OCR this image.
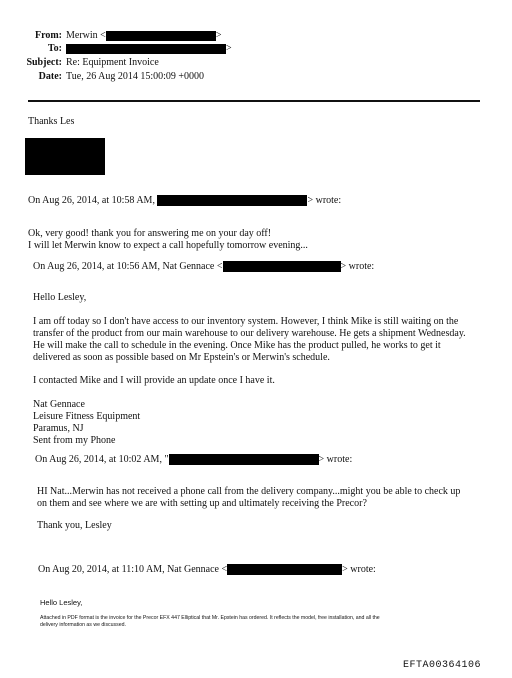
From: Merwin <	>
To:	>
Subject: Re: Equipment Invoice
Date: Tue, 26 Aug 2014 15:00:09 +0000
Thanks Les
On Aug 26, 2014, at 10:58 AM,	> wrote:
Ok, very good! thank you for answering me on your day off!
I will let Merwin know to expect a call hopefully tomorrow evening...
On Aug 26, 2014, at 10:56 AM, Nat Gennace <	> wrote:
Hello Lesley,
I am off today so I don't have access to our inventory system. However, I think Mike is still waiting on the
transfer of the product from our main warehouse to our delivery warehouse. He gets a shipment Wednesday.
He will make the call to schedule in the evening. Once Mike has the product pulled, he works to get it
delivered as soon as possible based on Mr Epstein's or Merwin's schedule.
I contacted Mike and I will provide an update once I have it.
Nat Gennace
Leisure Fitness Equipment
Paramus, NJ
Sent from my Phone
On Aug 26, 2014, at 10:02 AM, "	> wrote:
HI Nat...Merwin has not received a phone call from the delivery company...might you be able to check up
on them and see where we are with setting up and ultimately receiving the Precor?
Thank you, Lesley
On Aug 20, 2014, at 11:10 AM, Nat Gennace <	> wrote:
Hello Lesley,
Attached in PDF format is the invoice for the Precor EFX 447 Elliptical that Mr. Epstein has ordered. It reflects the model, free installation, and all the
delivery information as we discussed.
EFTA00364106
